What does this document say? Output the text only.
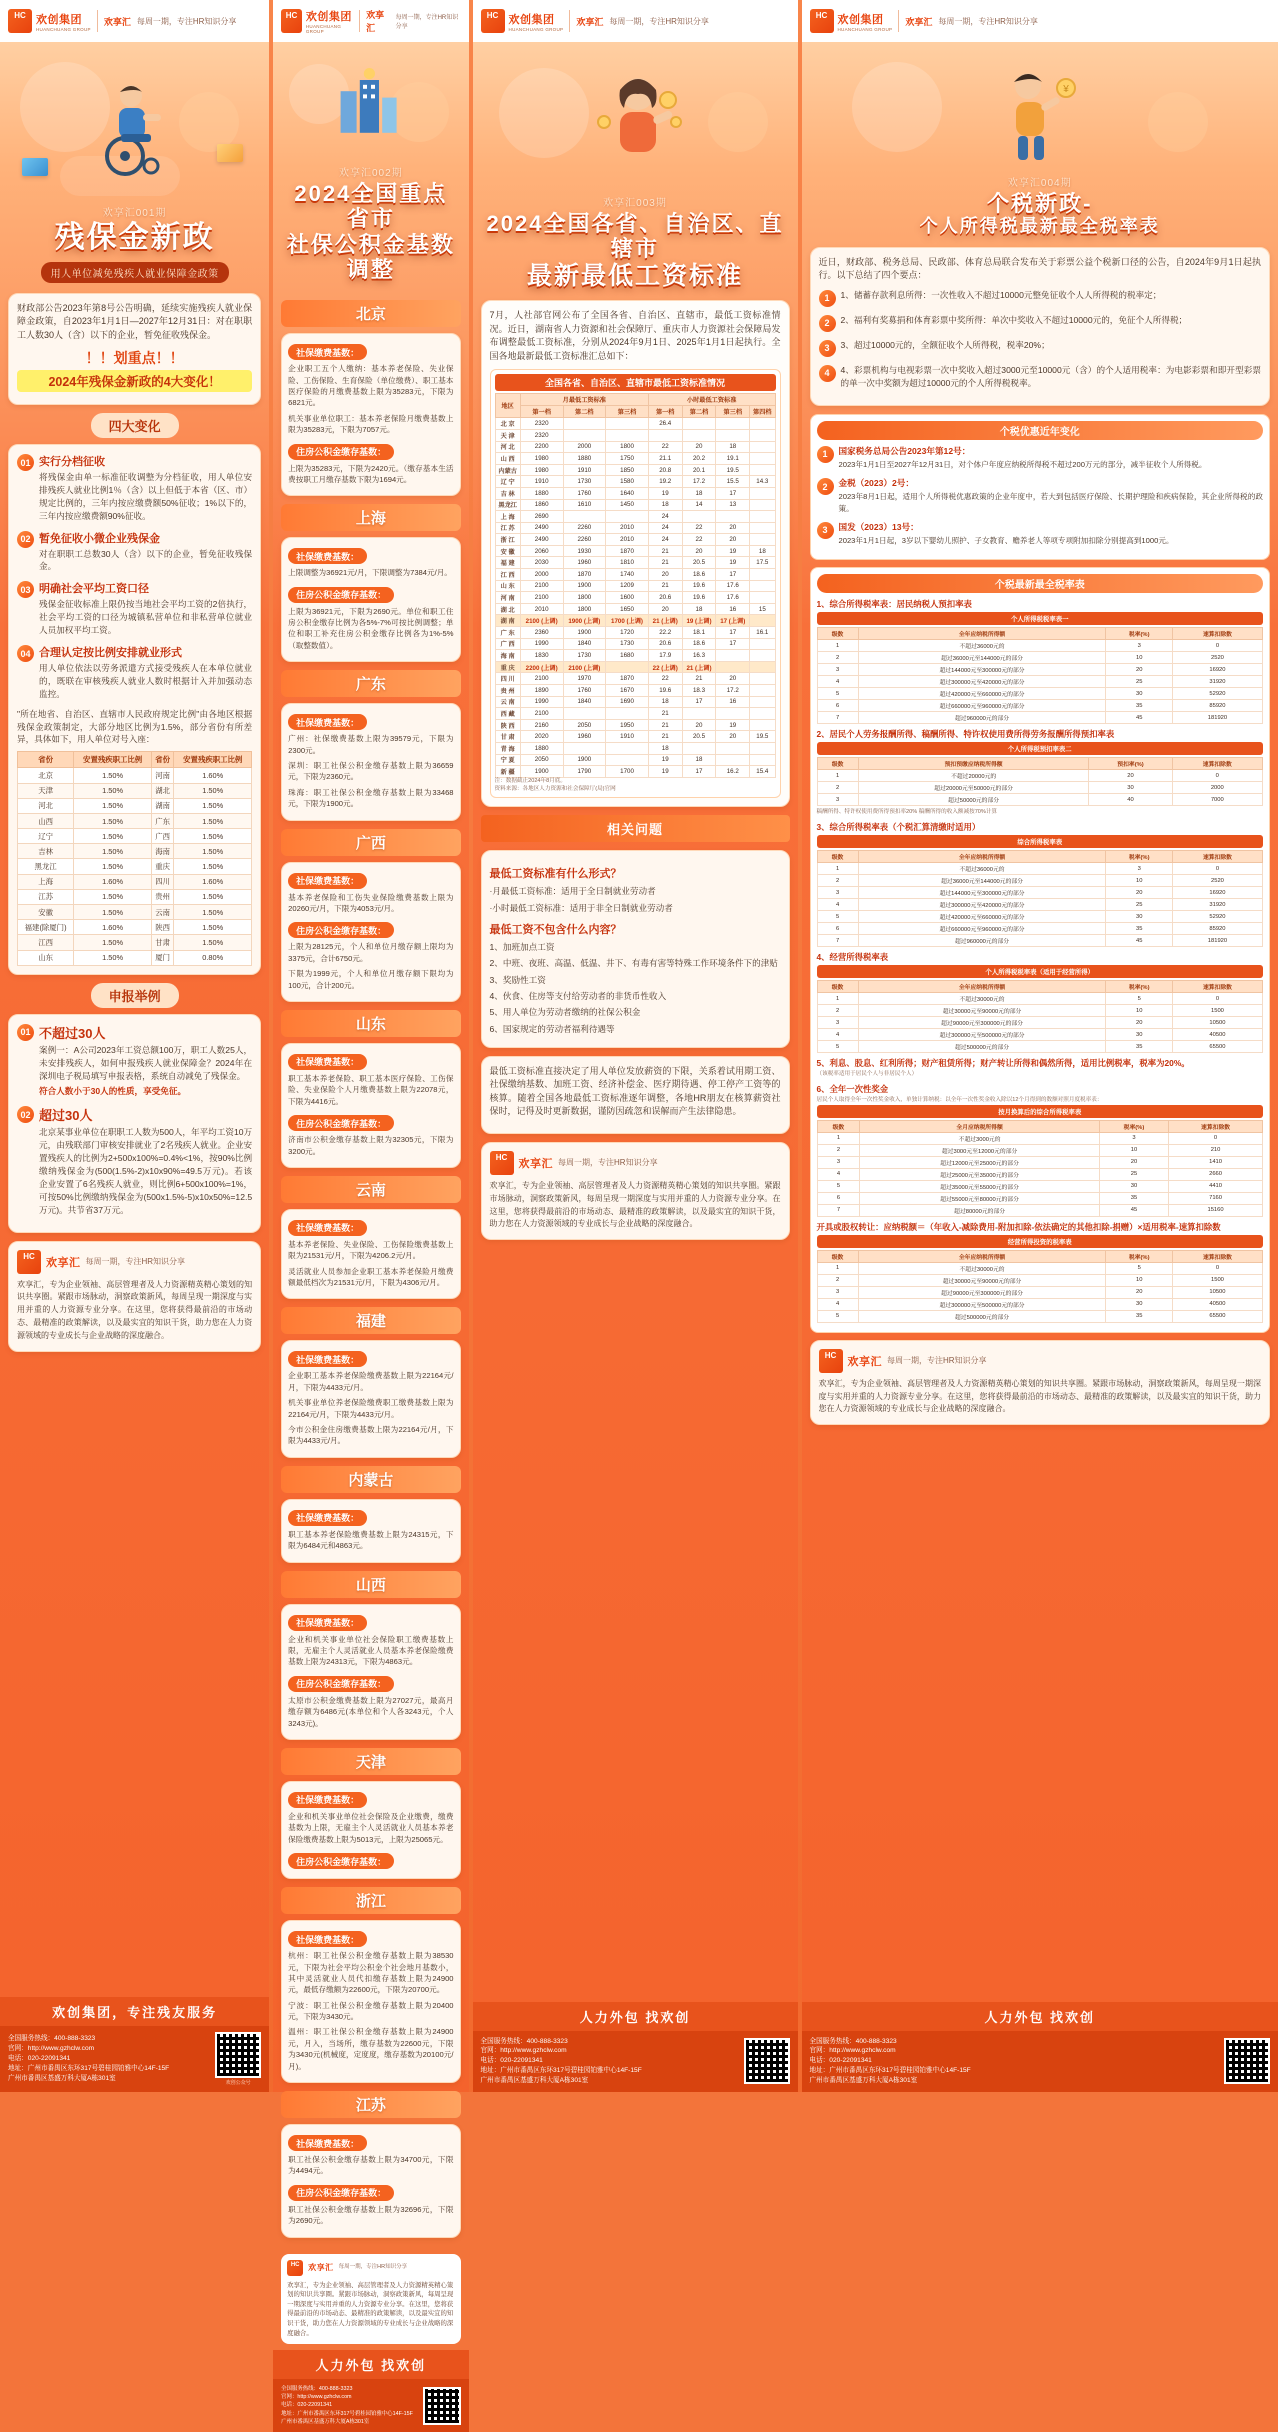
HC 欢创集团
HUANCHUANG GROUP
欢享汇 每周一期，专注HR知识分享
欢享汇001期
残保金新政
用人单位减免残疾人就业保障金政策

财政部公告2023年第8号公告明确，延续实施残疾人就业保障金政策，自2023年1月1日—2027年12月31日：对在职职工人数30人（含）以下的企业，暂免征收残保金。

！！划重点！！
2024年残保金新政的4大变化！
四大变化
01 实行分档征收
将残保金由单一标准征收调整为分档征收，用人单位安排残疾人就业比例1％（含）以上但低于本省（区、市）规定比例的，三年内按应缴费额50%征收；1%以下的，三年内按应缴费额90%征收。
02 暂免征收小微企业残保金
对在职职工总数30人（含）以下的企业，暂免征收残保金。
03 明确社会平均工资口径
残保金征收标准上限仍按当地社会平均工资的2倍执行，社会平均工资的口径为城镇私营单位和非私营单位就业人员加权平均工资。
04 合理认定按比例安排就业形式
用人单位依法以劳务派遣方式接受残疾人在本单位就业的，既联在审核残疾人就业人数时根据计入并加强动态监控。
"所在地省、自治区、直辖市人民政府规定比例"由各地区根据残保金政策制定，大部分地区比例为1.5%，部分省份有所差异，具体如下，用人单位对号入座：
省份	安置残疾职工比例	省份	安置残疾职工比例
北京	1.50%	河南	1.60%
天津	1.50%	湖北	1.50%
河北	1.50%	湖南	1.50%
山西	1.50%	广东	1.50%
辽宁	1.50%	广西	1.50%
吉林	1.50%	海南	1.50%
黑龙江	1.50%	重庆	1.50%
上海	1.60%	四川	1.60%
江苏	1.50%	贵州	1.50%
安徽	1.50%	云南	1.50%
福建(除厦门)	1.60%	陕西	1.50%
江西	1.50%	甘肃	1.50%
山东	1.50%	厦门	0.80%
申报举例
01 不超过30人
案例一：A公司2023年工资总额100万，职工人数25人，未安排残疾人，如何申报残疾人就业保障金？2024年在深圳电子税局填写申报表格，系统自动减免了残保金。
符合人数小于30人的性质，享受免征。
02 超过30人
北京某事业单位在职职工人数为500人，年平均工资10万元，由残联部门审核安排就业了2名残疾人就业。企业安置残疾人的比例为2+500x100%=0.4%<1%，按90%比例缴纳残保金为(500(1.5%-2)x10x90%=49.5万元)。若该企业安置了6名残疾人就业，则比例6+500x100%=1%，可按50%比例缴纳残保金为(500x1.5%-5)x10x50%=12.5万元)。共节省37万元。
HC
欢享汇 每周一期，专注HR知识分享
欢享汇，专为企业领袖、高层管理者及人力资源精英精心策划的知识共享圈。紧跟市场脉动，洞察政策新风，每周呈现一期深度与实用并重的人力资源专业分享。在这里，您将获得最前沿的市场动态、最精准的政策解读，以及最实宜的知识干货，助力您在人力资源领域的专业成长与企业战略的深度融合。
欢创集团，专注残友服务
全国服务热线：400-888-3323
官网：http://www.gzhclw.com
电话：020-22091341
地址：广州市番禺区东环317号碧桂园铂雅中心14F-15F
广州市番禺区基盛万科大厦A栋301室
欢创公众号
HC 欢创集团
HUANCHUANG GROUP
欢享汇
每周一期，专注HR知识分享
欢享汇002期
2024全国重点省市
社保公积金基数调整
北京
社保缴费基数：
企业职工五个人缴纳：基本养老保险、失业保险、工伤保险、生育保险（单位缴费）、职工基本医疗保险的月缴费基数上限为35283元，下限为6821元。
机关事业单位职工：基本养老保险月缴费基数上限为35283元，下限为7057元。
住房公积金缴存基数：
上限为35283元，下限为2420元。（缴存基本生活费按职工月缴存基数下限为1694元。
上海
社保缴费基数：
上限调整为36921元/月，下限调整为7384元/月。
住房公积金缴存基数：
上限为36921元，下限为2690元。单位和职工住房公积金缴存比例为各5%-7%可按比例调整；单位和职工补充住房公积金缴存比例各为1%-5%（取整数值）。
广东
社保缴费基数：
广州：社保缴费基数上限为39579元，下限为2300元。
深圳：职工社保公积金缴存基数上限为36659元，下限为2360元。
珠海：职工社保公积金缴存基数上限为33468元，下限为1900元。
广西
社保缴费基数：
基本养老保险和工伤失业保险缴费基数上限为20260元/月，下限为4053元/月。
住房公积金缴存基数：
上限为28125元，个人和单位月缴存额上限均为3375元，合计6750元。
下限为1999元，个人和单位月缴存额下限均为100元，合计200元。
山东
社保缴费基数：
职工基本养老保险、职工基本医疗保险、工伤保险、失业保险个人月缴费基数上限为22078元，下限为4416元。
住房公积金缴存基数：
济南市公积金缴存基数上限为32305元，下限为3200元。
云南
社保缴费基数：
基本养老保险、失业保险、工伤保险缴费基数上限为21531元/月，下限为4206.2元/月。
灵活就业人员参加企业职工基本养老保险月缴费额最低档次为21531元/月，下限为4306元/月。
福建
社保缴费基数：
企业职工基本养老保险缴费基数上限为22164元/月，下限为4433元/月。
机关事业单位养老保险缴费职工缴费基数上限为22164元/月，下限为4433元/月。
今市公积金住房缴费基数上限为22164元/月，下限为4433元/月。
内蒙古
社保缴费基数：
职工基本养老保险缴费基数上限为24315元，下限为6484元和4863元。
山西
社保缴费基数：
企业和机关事业单位社会保险职工缴费基数上限，无雇主个人灵活就业人员基本养老保险缴费基数上限为24313元，下限为4863元。
住房公积金缴存基数：
太原市公积金缴费基数上限为27027元，最高月缴存额为6486元(本单位和个人各3243元，个人3243元)。
天津
社保缴费基数：
企业和机关事业单位社会保险及企业缴费，缴费基数为上限，无雇主个人灵活就业人员基本养老保险缴费基数上限为5013元，上限为25065元。
住房公积金缴存基数：
浙江
社保缴费基数：
杭州：职工社保公积金缴存基数上限为38530元，下限为社会平均公积金个社会地月基数小，其中灵活就业人员代扣缴存基数上限为24900元，最低存缴额为22600元，下限为20700元。
宁波：职工社保公积金缴存基数上限为20400元，下限为3430元。
温州：职工社保公积金缴存基数上限为24900元，月入，当场所，缴存基数为22600元，下限为3430元(机械度，定度度，缴存基数为20100元/月)。
江苏
社保缴费基数：
职工社保公积金缴存基数上限为34700元，下限为4494元。
住房公积金缴存基数：
职工社保公积金缴存基数上限为32696元，下限为2690元。
HC	欢享汇 每周一期，专注HR知识分享
欢享汇，专为企业领袖、高层管理者及人力资源精英精心策划的知识共享圈。紧跟市场脉动，洞察政策新风，每周呈现一期深度与实用并重的人力资源专业分享。在这里，您将获得最前沿的市场动态、最精准的政策解读，以及最实宜的知识干货，助力您在人力资源领域的专业成长与企业战略的深度融合。
人力外包 找欢创
全国服务热线：400-888-3323
官网：http://www.gzhclw.com
电话：020-22091341
地址：广州市番禺区东环317号碧桂园铂雅中心14F-15F
广州市番禺区基盛万科大厦A栋301室
HC 欢创集团
HUANCHUANG GROUP
欢享汇 每周一期，专注HR知识分享
欢享汇003期
2024全国各省、自治区、直辖市
最新最低工资标准

7月，人社部官网公布了全国各省、自治区、直辖市，最低工资标准情况。近日，湖南省人力资源和社会保障厅、重庆市人力资源社会保障局发布调整最低工资标准，分别从2024年9月1日、2025年1月1日起执行。全国各地最新最低工资标准汇总如下：

全国各省、自治区、直辖市最低工资标准情况
地区	月最低工资标准			小时最低工资标准			
	第一档	第二档	第三档	第一档	第二档	第三档	第四档
北 京	2320			26.4			
天 津	2320						
河 北	2200	2000	1800	22	20	18	
山 西	1980	1880	1750	21.1	20.2	19.1	
内蒙古	1980	1910	1850	20.8	20.1	19.5	
辽 宁	1910	1730	1580	19.2	17.2	15.5	14.3
吉 林	1880	1760	1640	19	18	17	
黑龙江	1860	1610	1450	18	14	13	
上 海	2690			24			
江 苏	2490	2260	2010	24	22	20	
浙 江	2490	2260	2010	24	22	20	
安 徽	2060	1930	1870	21	20	19	18
福 建	2030	1960	1810	21	20.5	19	17.5
江 西	2000	1870	1740	20	18.6	17	
山 东	2100	1900	1209	21	19.6	17.6	
河 南	2100	1800	1600	20.6	19.6	17.6	
湖 北	2010	1800	1650	20	18	16	15
湖 南	2100 (上调)	1900 (上调)	1700 (上调)	21 (上调)	19 (上调)	17 (上调)	
广 东	2360	1900	1720	22.2	18.1	17	16.1
广 西	1990	1840	1730	20.6	18.6	17	
海 南	1830	1730	1680	17.9	16.3		
重 庆	2200 (上调)	2100 (上调)		22 (上调)	21 (上调)		
四 川	2100	1970	1870	22	21	20	
贵 州	1890	1760	1670	19.6	18.3	17.2	
云 南	1990	1840	1690	18	17	16	
西 藏	2100			21			
陕 西	2160	2050	1950	21	20	19	
甘 肃	2020	1960	1910	21	20.5	20	19.5
青 海	1880			18			
宁 夏	2050	1900		19	18		
新 疆	1900	1790	1700	19	17	16.2	15.4
注：数据截止2024年8月底。
资料来源：各地区人力资源和社会保障厅(局)官网
相关问题
最低工资标准有什么形式？
·月最低工资标准：适用于全日制就业劳动者
·小时最低工资标准：适用于非全日制就业劳动者
最低工资不包含什么内容？
1、加班加点工资
2、中班、夜班、高温、低温、井下、有毒有害等特殊工作环境条件下的津贴
3、奖励性工资
4、伙食、住房等支付给劳动者的非货币性收入
5、用人单位为劳动者缴纳的社保公积金
6、国家规定的劳动者福利待遇等

最低工资标准直接决定了用人单位发放薪资的下限，关系着试用期工资、社保缴纳基数、加班工资、经济补偿金、医疗期待遇、停工停产工资等的核算。随着全国各地最低工资标准逐年调整，各地HR朋友在核算薪资社保时，记得及时更新数据，谨防因疏忽和误解而产生法律隐患。

HC
欢享汇 每周一期，专注HR知识分享
欢享汇，专为企业领袖、高层管理者及人力资源精英精心策划的知识共享圈。紧跟市场脉动，洞察政策新风，每周呈现一期深度与实用并重的人力资源专业分享。在这里，您将获得最前沿的市场动态、最精准的政策解读，以及最实宜的知识干货，助力您在人力资源领域的专业成长与企业战略的深度融合。
人力外包 找欢创
全国服务热线：400-888-3323
官网：http://www.gzhclw.com
电话：020-22091341
地址：广州市番禺区东环317号碧桂园铂雅中心14F-15F
广州市番禺区基盛万科大厦A栋301室
HC 欢创集团
HUANCHUANG GROUP
欢享汇 每周一期，专注HR知识分享
¥
欢享汇004期
个税新政-
个人所得税最新最全税率表

近日，财政部、税务总局、民政部、体育总局联合发布关于彩票公益个税新口径的公告，自2024年9月1日起执行。以下总结了四个要点：

1	1、储蓄存款利息所得：一次性收入不超过10000元整免征收个人人所得税的税率定；
2	2、福利有奖募捐和体育彩票中奖所得：单次中奖收入不超过10000元的，免征个人所得税；
3	3、超过10000元的，全额征收个人所得税，税率20%；
4	4、彩票机构与电视彩票一次中奖收入超过3000元至10000元（含）的个人适用税率：为电影彩票和即开型彩票的单一次中奖额为超过10000元的个人所得税税率。
个税优惠近年变化
1	国家税务总局公告2023年第12号：
2023年1月1日至2027年12月31日，对个体户年度应纳税所得税不超过200万元的部分，减半征收个人所得税。
2	金税（2023）2号：
2023年8月1日起，适用个人所得税优惠政策的企业年度中，若大到包括医疗保险、长期护理险和疾病保险，其企业所得税的政策。
3	国发（2023）13号：
2023年1月1日起，3岁以下婴幼儿照护、子女教育、赡养老人等项专项附加扣除分别提高到1000元。
个税最新最全税率表
1、综合所得税率表：居民纳税人预扣率表
个人所得税税率表一
级数	全年应纳税所得额	税率(%)	速算扣除数
1	不超过36000元的	3	0
2	超过36000元至144000元的部分	10	2520
3	超过144000元至300000元的部分	20	16920
4	超过300000元至420000元的部分	25	31920
5	超过420000元至660000元的部分	30	52920
6	超过660000元至960000元的部分	35	85920
7	超过960000元的部分	45	181920
2、居民个人劳务报酬所得、稿酬所得、特许权使用费所得劳务报酬所得预扣率表
个人所得税预扣率表二
级数	预扣预缴应纳税所得额	预扣率(%)	速算扣除数
1	不超过20000元的	20	0
2	超过20000元至50000元的部分	30	2000
3	超过50000元的部分	40	7000
稿酬所得、特许权使用费所得预扣率20% 稿酬所得的收入额减按70%计算
3、综合所得税率表（个税汇算清缴时适用）
综合所得税率表
级数	全年应纳税所得额	税率(%)	速算扣除数
1	不超过36000元的	3	0
2	超过36000元至144000元的部分	10	2520
3	超过144000元至300000元的部分	20	16920
4	超过300000元至420000元的部分	25	31920
5	超过420000元至660000元的部分	30	52920
6	超过660000元至960000元的部分	35	85920
7	超过960000元的部分	45	181920
4、经营所得税率表
个人所得税税率表（适用于经营所得）
级数	全年应纳税所得额	税率(%)	速算扣除数
1	不超过30000元的	5	0
2	超过30000元至90000元的部分	10	1500
3	超过90000元至300000元的部分	20	10500
4	超过300000元至500000元的部分	30	40500
5	超过500000元的部分	35	65500
5、利息、股息、红利所得；财产租赁所得；财产转让所得和偶然所得，适用比例税率，税率为20%。
（该税率适用于居民个人与非居民个人）
6、全年一次性奖金
居民个人取得全年一次性奖金收入，单独计算纳税：以全年一次性奖金收入除以12个月得到的数额对照月度税率表：
按月换算后的综合所得税率表
级数	全月应纳税所得额	税率(%)	速算扣除数
1	不超过3000元的	3	0
2	超过3000元至12000元的部分	10	210
3	超过12000元至25000元的部分	20	1410
4	超过25000元至35000元的部分	25	2660
5	超过35000元至55000元的部分	30	4410
6	超过55000元至80000元的部分	35	7160
7	超过80000元的部分	45	15160
开具或股权转让：应纳税额＝（年收入-减除费用-附加扣除-依法确定的其他扣除-捐赠）×适用税率-速算扣除数
经营所得投资的税率表
级数	全年应纳税所得额	税率(%)	速算扣除数
1	不超过30000元的	5	0
2	超过30000元至90000元的部分	10	1500
3	超过90000元至300000元的部分	20	10500
4	超过300000元至500000元的部分	30	40500
5	超过500000元的部分	35	65500
HC
欢享汇 每周一期，专注HR知识分享
欢享汇，专为企业领袖、高层管理者及人力资源精英精心策划的知识共享圈。紧跟市场脉动，洞察政策新风，每周呈现一期深度与实用并重的人力资源专业分享。在这里，您将获得最前沿的市场动态、最精准的政策解读，以及最实宜的知识干货，助力您在人力资源领域的专业成长与企业战略的深度融合。
人力外包 找欢创
全国服务热线：400-888-3323
官网：http://www.gzhclw.com
电话：020-22091341
地址：广州市番禺区东环317号碧桂园铂雅中心14F-15F
广州市番禺区基盛万科大厦A栋301室
